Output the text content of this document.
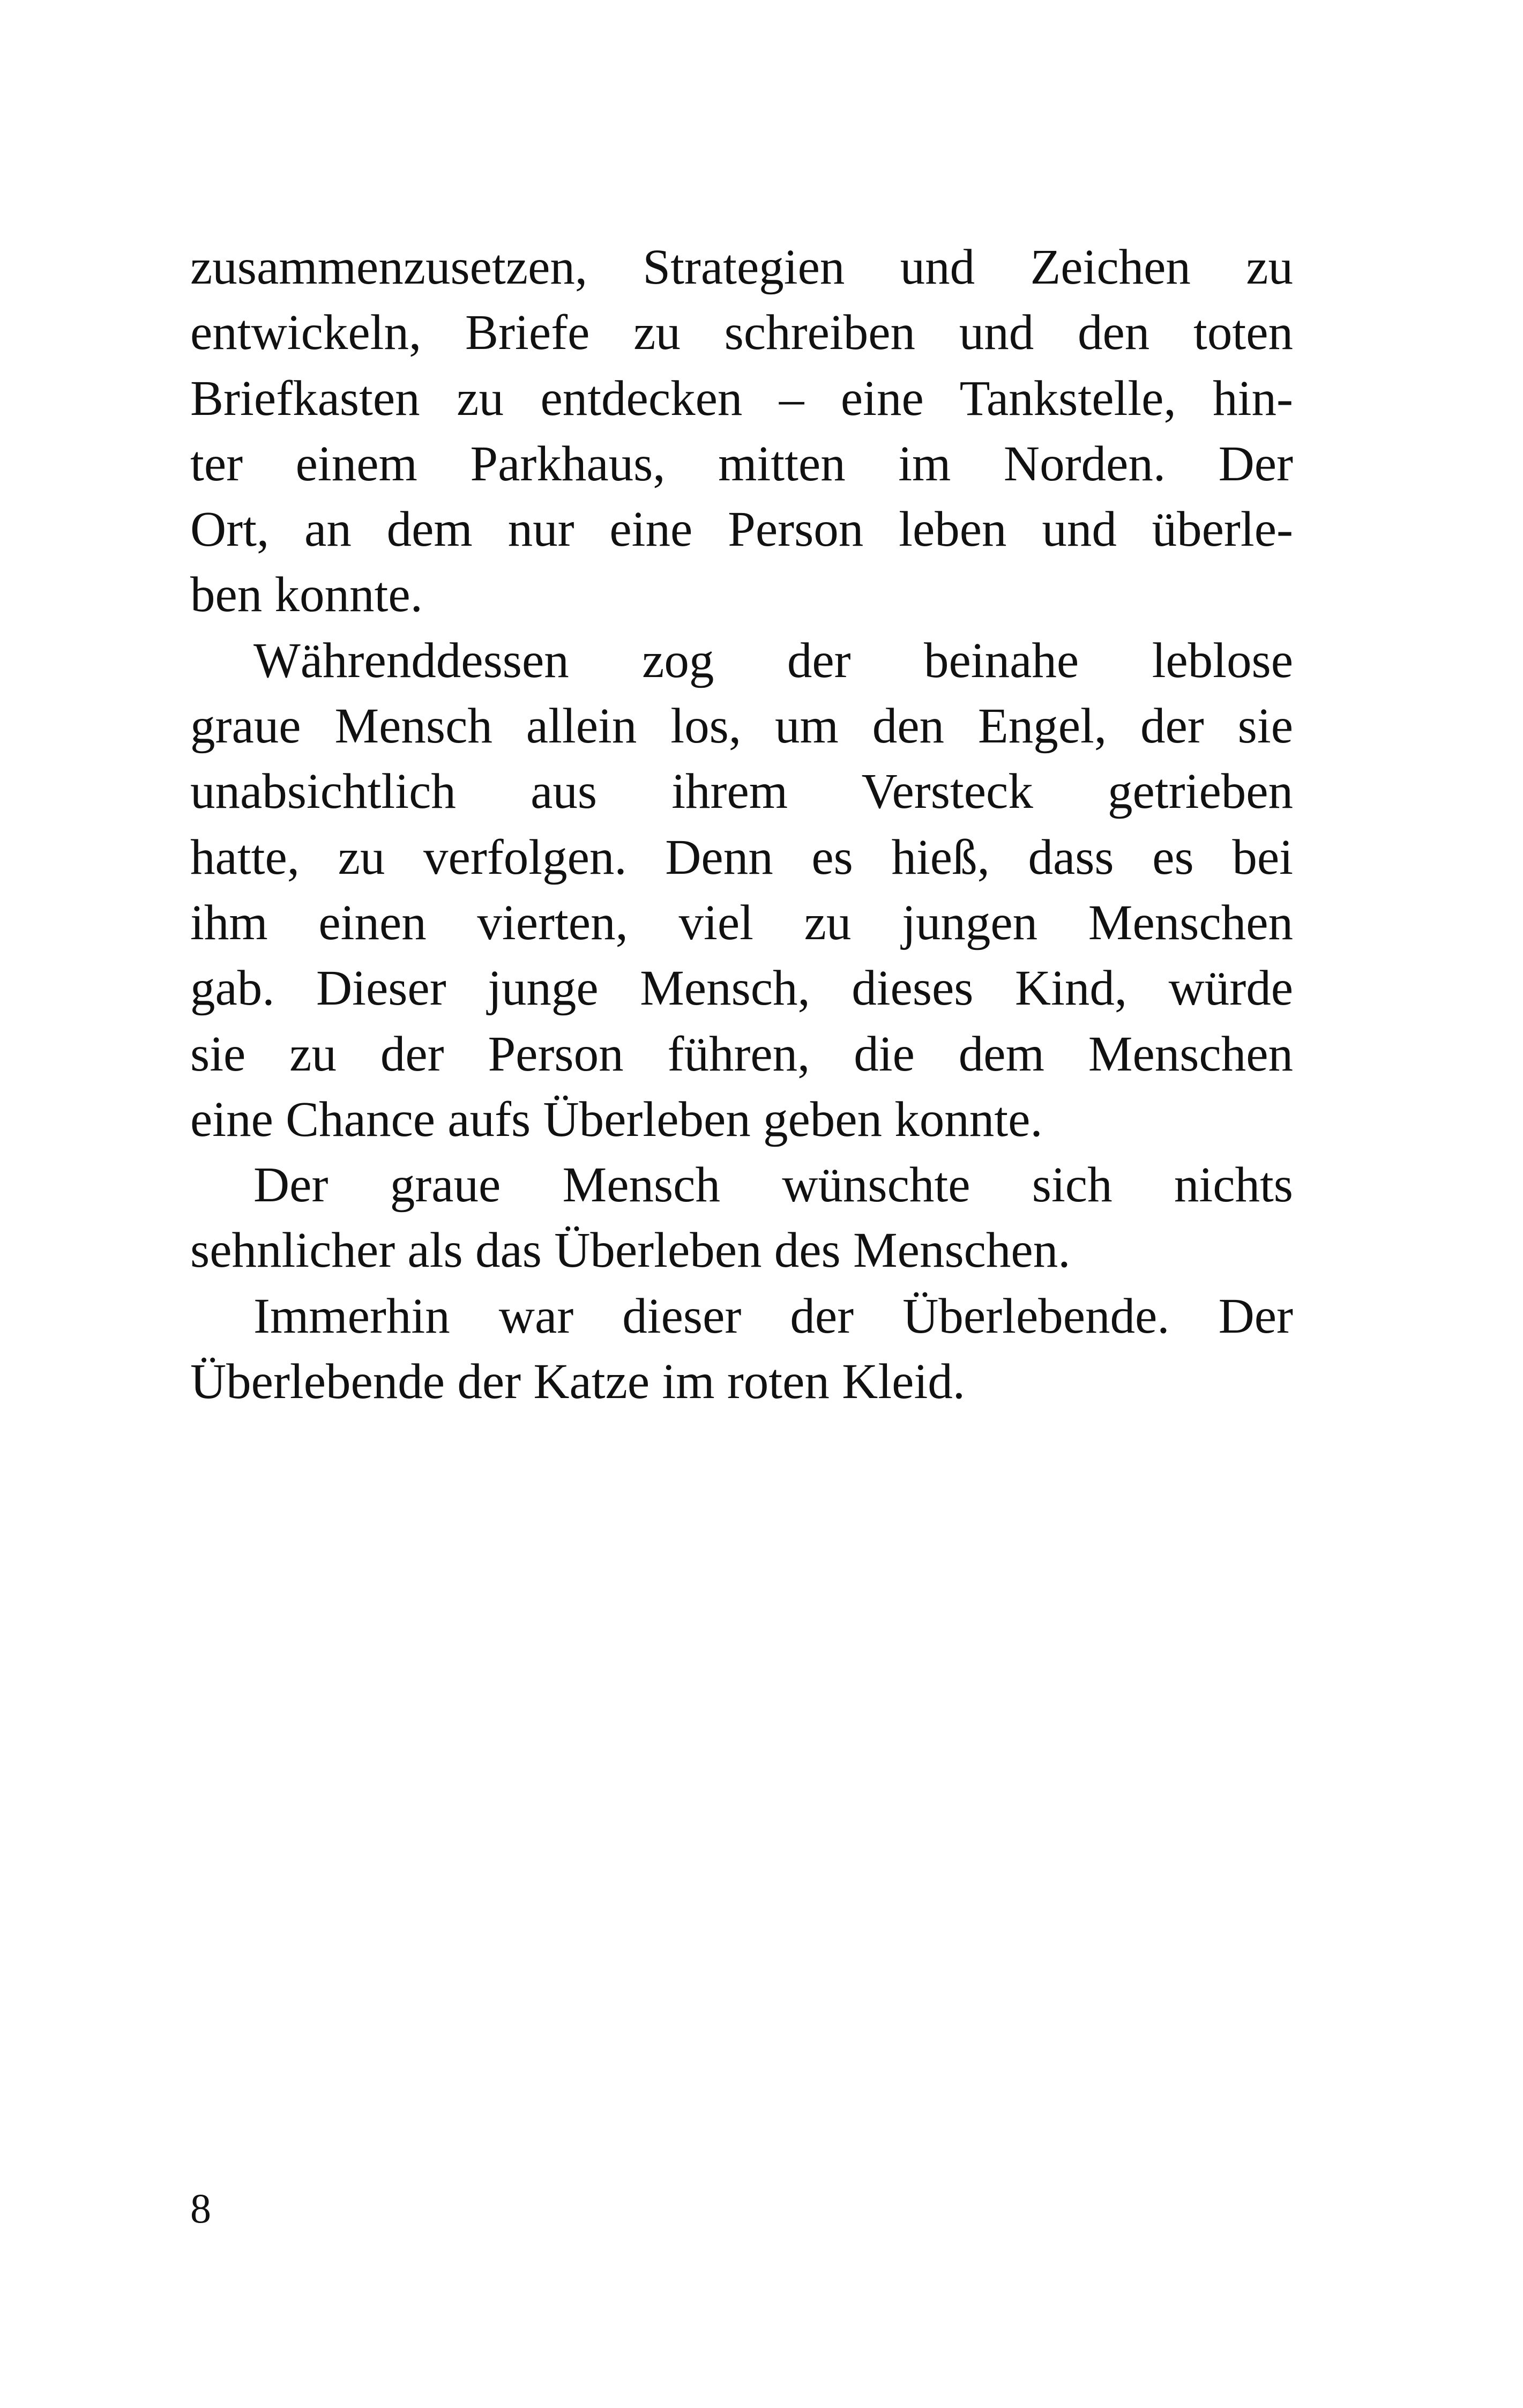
zusammenzusetzen, Strategien und Zeichen zu
entwickeln, Briefe zu schreiben und den toten
Briefkasten zu entdecken – eine Tankstelle, hin-
ter einem Parkhaus, mitten im Norden. Der
Ort, an dem nur eine Person leben und überle-
ben konnte.
Währenddessen zog der beinahe leblose
graue Mensch allein los, um den Engel, der sie
unabsichtlich aus ihrem Versteck getrieben
hatte, zu verfolgen. Denn es hieß, dass es bei
ihm einen vierten, viel zu jungen Menschen
gab. Dieser junge Mensch, dieses Kind, würde
sie zu der Person führen, die dem Menschen
eine Chance aufs Überleben geben konnte.
Der graue Mensch wünschte sich nichts
sehnlicher als das Überleben des Menschen.
Immerhin war dieser der Überlebende. Der
Überlebende der Katze im roten Kleid.
8
